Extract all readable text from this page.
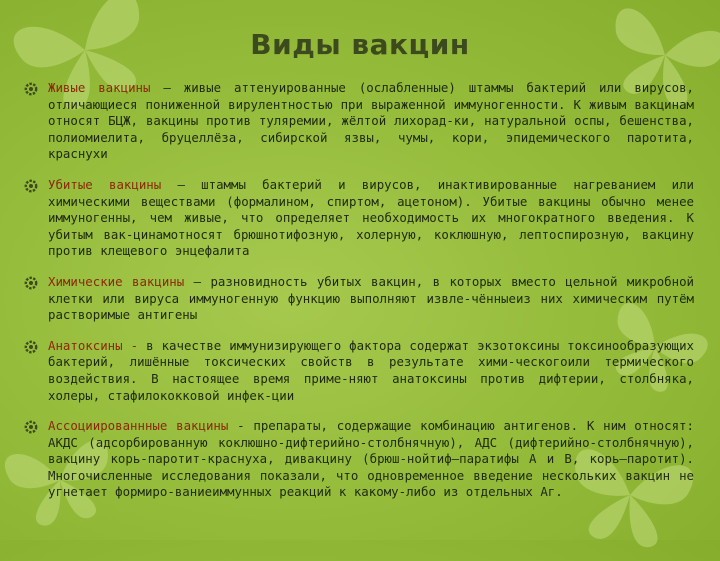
Виды вакцин

Живые вакцины — живые аттенуированные (ослабленные) штаммы бактерий или вирусов, отличающиеся пониженной вирулентностью при выраженной иммуногенности. К живым вакцинам относят БЦЖ, вакцины против туляремии, жёлтой лихорад-ки, натуральной оспы, бешенства, полиомиелита, бруцеллёза, сибирской язвы, чумы, кори, эпидемического паротита, краснухи

Убитые вакцины — штаммы бактерий и вирусов, инактивированные нагреванием или химическими веществами (формалином, спиртом, ацетоном). Убитые вакцины обычно менее иммуногенны, чем живые, что определяет необходимость их многократного введения. К убитым вак-цинамотносят брюшнотифозную, холерную, коклюшную, лептоспирозную, вакцину против клещевого энцефалита

Химические вакцины — разновидность убитых вакцин, в которых вместо цельной микробной клетки или вируса иммуногенную функцию выполняют извле-чённыеиз них химическим путём растворимые антигены

Анатоксины - в качестве иммунизирующего фактора содержат экзотоксины токсинообразующих бактерий, лишённые токсических свойств в результате хими-ческогоили термического воздействия. В настоящее время приме-няют анатоксины против дифтерии, столбняка, холеры, стафилококковой инфек-ции

Ассоциированнные вакцины - препараты, содержащие комбинацию антигенов. К ним относят: АКДС (адсорбированную коклюшно-дифтерийно-столбнячную), АДС (дифтерийно-столбнячную), вакцину корь-паротит-краснуха, дивакцину (брюш-нойтиф—паратифы А и В, корь—паротит). Многочисленные исследования показали, что одновременное введение нескольких вакцин не угнетает формиро-ваниеиммунных реакций к какому-либо из отдельных Аг.
